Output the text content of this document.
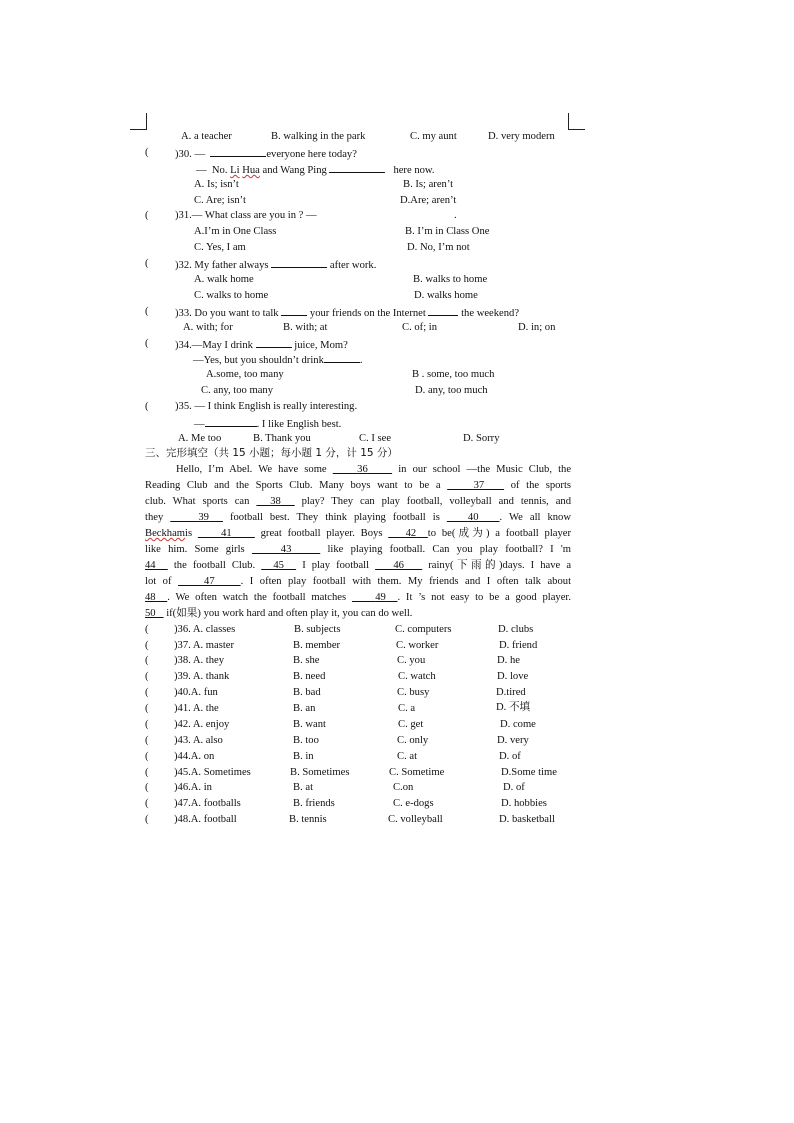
A. a teacher	B. walking in the park	C. my aunt	D. very modern
( )30. —	everyone here today?
— No. Li Hua and Wang Ping	here now.
A. Is; isn’t	B. Is; aren’t
C. Are; isn’t	D.Are; aren’t
( )31.— What class are you in ? —	.
A.I’m in One Class	B. I’m in Class One
C. Yes, I am	D. No, I’m not
( )32. My father always	after work.
A. walk home	B. walks to home
C. walks to home	D. walks home
( )33. Do you want to talk	your friends on the Internet	the weekend?
A. with; for	B. with; at	C. of; in	D. in; on
( )34.—May I drink	juice, Mom?
—Yes, but you shouldn’t drink	.
A.some, too many	B . some, too much
C. any, too many	D. any, too much
( )35. — I think English is really interesting.
—	. I like English best.
A. Me too	B. Thank you	C. I see	D. Sorry
三、完形填空（共 15 小题；每小题 1 分，计 15 分）
Hello, I’m Abel. We have some	36	in our school —the Music Club, the
Reading Club and the Sports Club. Many boys want to be a	37 of the sports
club. What sports can 38 play? They can play football, volleyball and tennis, and
they	39 football best. They think playing football is	40 . We all know
Beckhamis	41	great football player. Boys 42 to be(成为) a football player
like him. Some girls	43	like playing football. Can you play football? I 'm
44 the football Club. 45 I play football 46 rainy(下雨的)days. I have a
lot of	47 . I often play football with them. My friends and I often talk about
48 . We often watch the football matches	49 . It ’s not easy to be a good player.
50 if(如果) you work hard and often play it, you can do well.
( )36. A. classes	B. subjects	C. computers	D. clubs
( )37. A. master	B. member	C. worker	D. friend
( )38. A. they	B. she	C. you	D. he
( )39. A. thank	B. need	C. watch	D. love
( )40.A. fun	B. bad	C. busy	D.tired
( )41. A. the	B. an	C. a	D. 不填
( )42. A. enjoy	B. want	C. get	D. come
( )43. A. also	B. too	C. only	D. very
( )44.A. on	B. in	C. at	D. of
( )45.A. Sometimes	B. Sometimes	C. Sometime	D.Some time
( )46.A. in	B. at	C.on	D. of
( )47.A. footballs	B. friends	C. e-dogs	D. hobbies
( )48.A. football	B. tennis	C. volleyball	D. basketball
